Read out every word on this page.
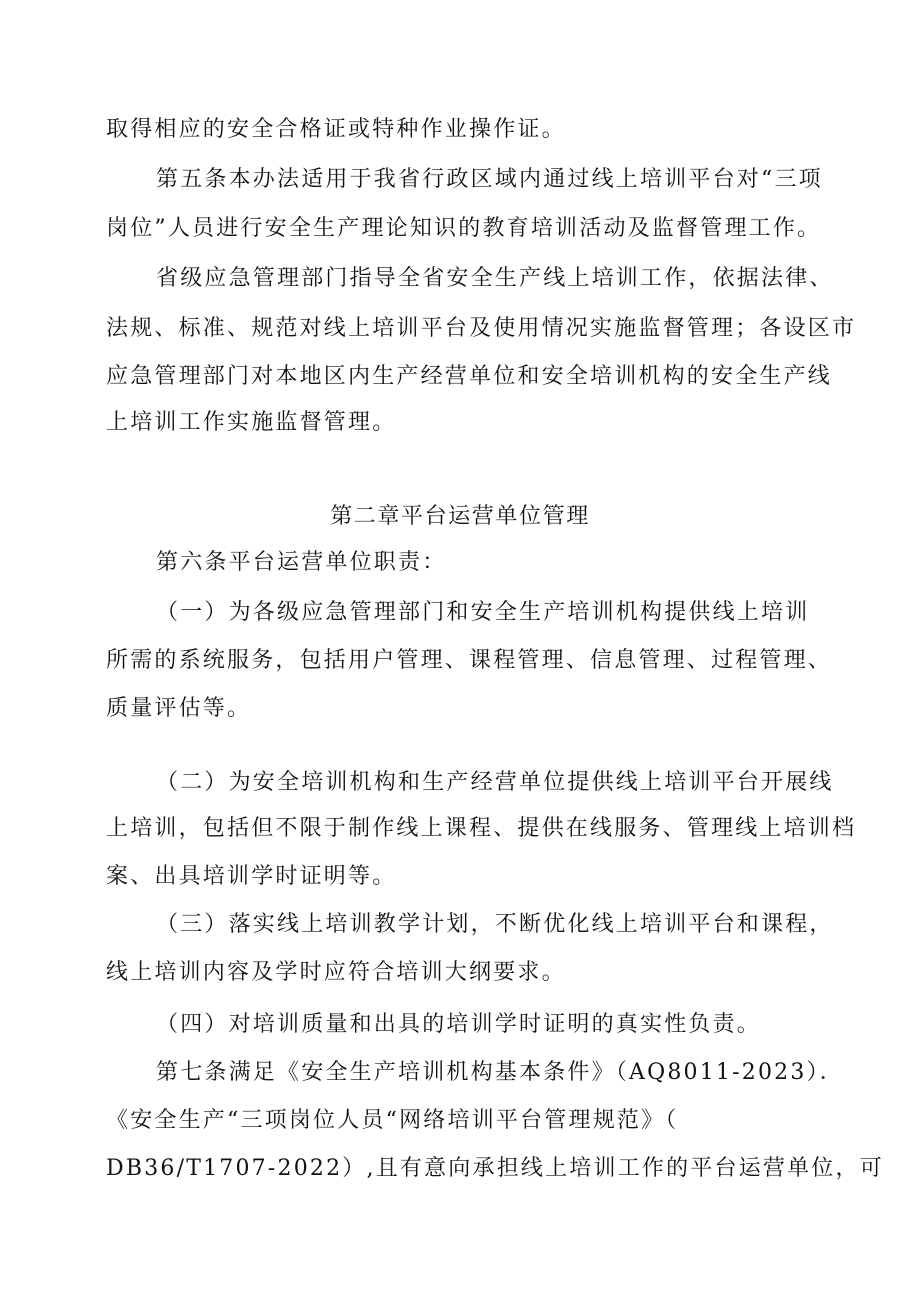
取得相应的安全合格证或特种作业操作证。
第五条本办法适用于我省行政区域内通过线上培训平台对“三项
岗位”人员进行安全生产理论知识的教育培训活动及监督管理工作。
省级应急管理部门指导全省安全生产线上培训工作，依据法律、
法规、标准、规范对线上培训平台及使用情况实施监督管理；各设区市
应急管理部门对本地区内生产经营单位和安全培训机构的安全生产线
上培训工作实施监督管理。
第二章平台运营单位管理
第六条平台运营单位职责：
（一）为各级应急管理部门和安全生产培训机构提供线上培训
所需的系统服务，包括用户管理、课程管理、信息管理、过程管理、
质量评估等。
（二）为安全培训机构和生产经营单位提供线上培训平台开展线
上培训，包括但不限于制作线上课程、提供在线服务、管理线上培训档
案、出具培训学时证明等。
（三）落实线上培训教学计划，不断优化线上培训平台和课程，
线上培训内容及学时应符合培训大纲要求。
（四）对培训质量和出具的培训学时证明的真实性负责。
第七条满足《安全生产培训机构基本条件》（AQ8011-2023）．
《安全生产“三项岗位人员“网络培训平台管理规范》（
DB36/T1707-2022）,且有意向承担线上培训工作的平台运营单位，可
